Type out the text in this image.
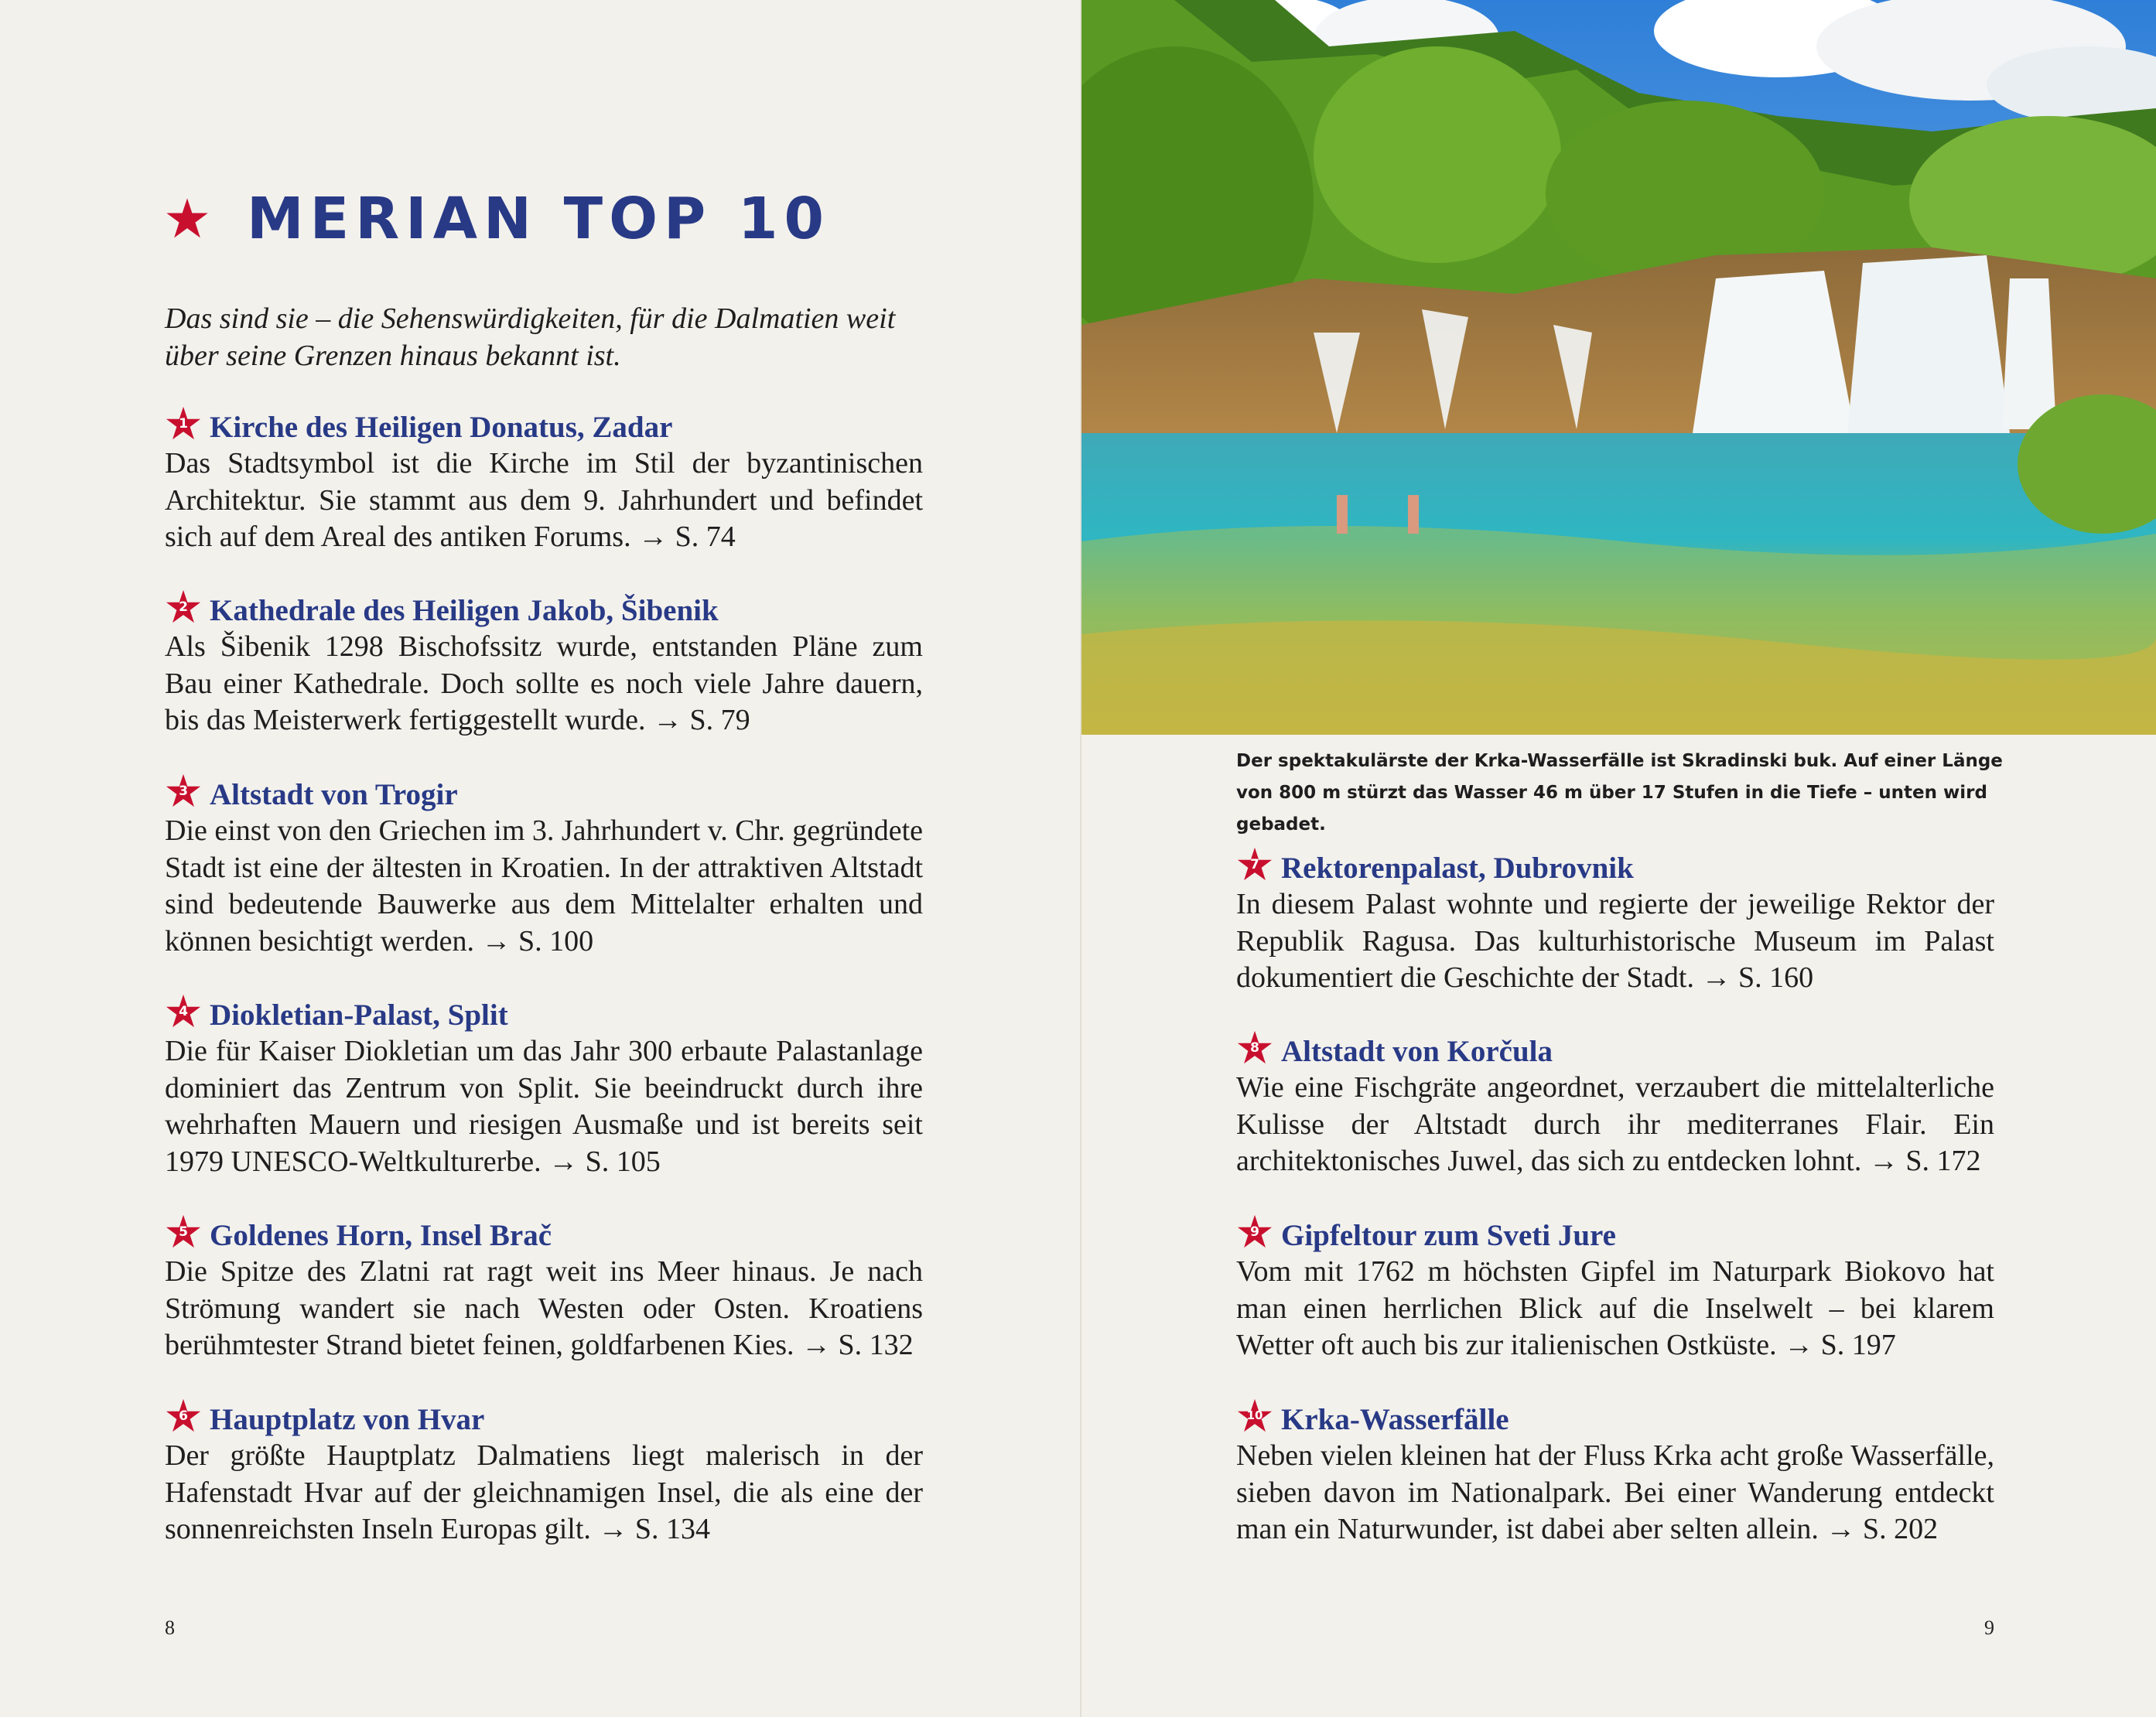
MERIAN TOP 10
Das sind sie – die Sehenswürdigkeiten, für die Dalmatien weit über seine Grenzen hinaus bekannt ist.
1 Kirche des Heiligen Donatus, Zadar
Das Stadtsymbol ist die Kirche im Stil der byzantinischen Architektur. Sie stammt aus dem 9. Jahrhundert und befindet sich auf dem Areal des antiken Forums. → S. 74
2 Kathedrale des Heiligen Jakob, Šibenik
Als Šibenik 1298 Bischofssitz wurde, entstanden Pläne zum Bau einer Kathedrale. Doch sollte es noch viele Jahre dauern, bis das Meisterwerk fertiggestellt wurde. → S. 79
3 Altstadt von Trogir
Die einst von den Griechen im 3. Jahrhundert v. Chr. gegründete Stadt ist eine der ältesten in Kroatien. In der attraktiven Altstadt sind bedeutende Bauwerke aus dem Mittelalter erhalten und können besichtigt werden. → S. 100
4 Diokletian-Palast, Split
Die für Kaiser Diokletian um das Jahr 300 erbaute Palastanlage dominiert das Zentrum von Split. Sie beeindruckt durch ihre wehrhaften Mauern und riesigen Ausmaße und ist bereits seit 1979 UNESCO-Weltkulturerbe. → S. 105
5 Goldenes Horn, Insel Brač
Die Spitze des Zlatni rat ragt weit ins Meer hinaus. Je nach Strömung wandert sie nach Westen oder Osten. Kroatiens berühmtester Strand bietet feinen, goldfarbenen Kies. → S. 132
6 Hauptplatz von Hvar
Der größte Hauptplatz Dalmatiens liegt malerisch in der Hafenstadt Hvar auf der gleichnamigen Insel, die als eine der sonnenreichsten Inseln Europas gilt. → S. 134
8
Der spektakulärste der Krka-Wasserfälle ist Skradinski buk. Auf einer Länge von 800 m stürzt das Wasser 46 m über 17 Stufen in die Tiefe – unten wird gebadet.
7 Rektorenpalast, Dubrovnik
In diesem Palast wohnte und regierte der jeweilige Rektor der Republik Ragusa. Das kulturhistorische Museum im Palast dokumentiert die Geschichte der Stadt. → S. 160
8 Altstadt von Korčula
Wie eine Fischgräte angeordnet, verzaubert die mittelalterliche Kulisse der Altstadt durch ihr mediterranes Flair. Ein architektonisches Juwel, das sich zu entdecken lohnt. → S. 172
9 Gipfeltour zum Sveti Jure
Vom mit 1762 m höchsten Gipfel im Naturpark Biokovo hat man einen herrlichen Blick auf die Inselwelt – bei klarem Wetter oft auch bis zur italienischen Ostküste. → S. 197
10 Krka-Wasserfälle
Neben vielen kleinen hat der Fluss Krka acht große Wasserfälle, sieben davon im Nationalpark. Bei einer Wanderung entdeckt man ein Naturwunder, ist dabei aber selten allein. → S. 202
9
